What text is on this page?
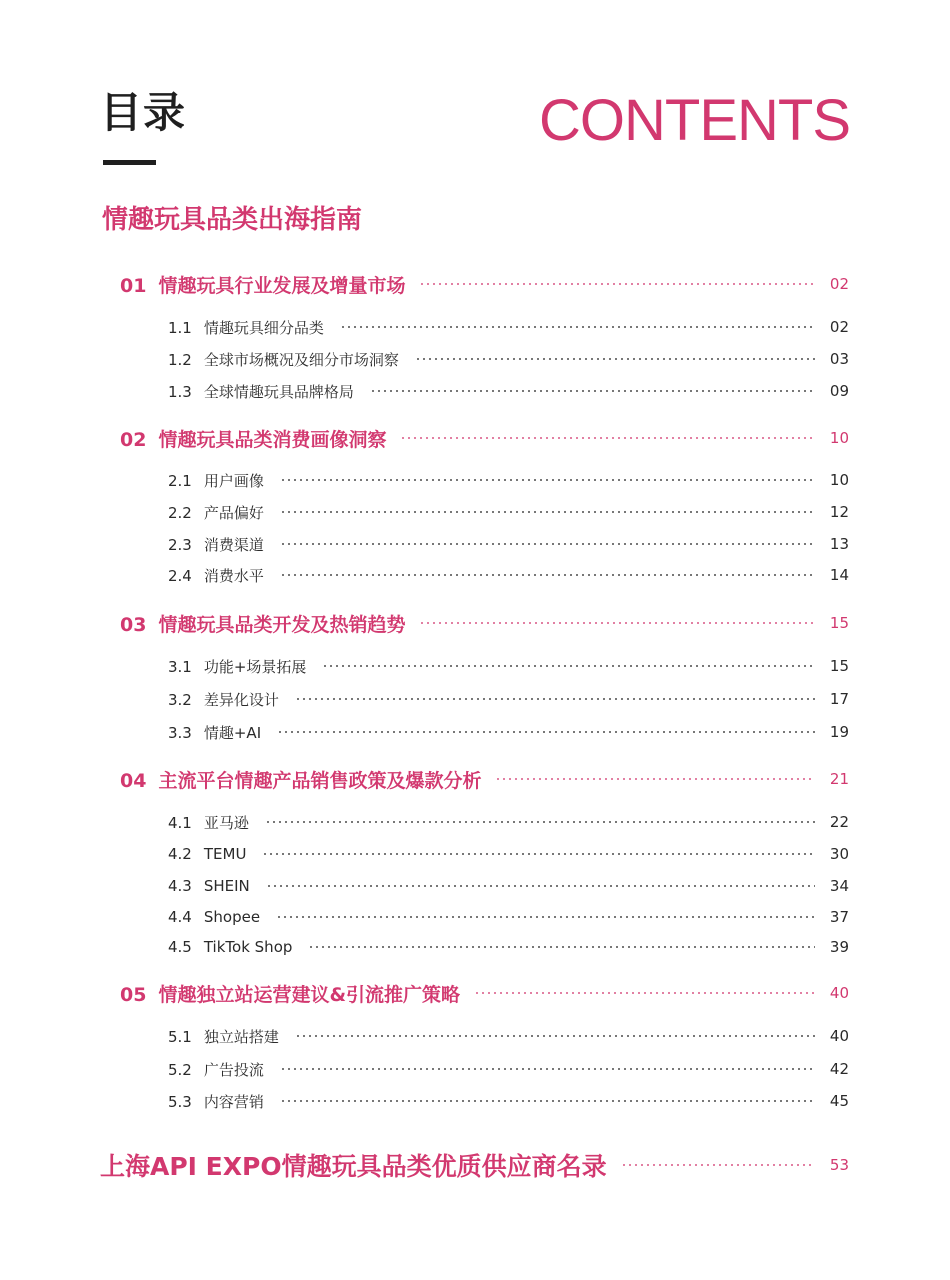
目录	CONTENTS
情趣玩具品类出海指南
01 情趣玩具行业发展及增量市场	02
1.1 情趣玩具细分品类	02
1.2 全球市场概况及细分市场洞察	03
1.3 全球情趣玩具品牌格局	09
02 情趣玩具品类消费画像洞察	10
2.1 用户画像	10
2.2 产品偏好	12
2.3 消费渠道	13
2.4 消费水平	14
03 情趣玩具品类开发及热销趋势	15
3.1 功能+场景拓展	15
3.2 差异化设计	17
3.3 情趣+AI	19
04 主流平台情趣产品销售政策及爆款分析	21
4.1 亚马逊	22
4.2 TEMU	30
4.3 SHEIN	34
4.4 Shopee	37
4.5 TikTok Shop	39
05 情趣独立站运营建议&引流推广策略	40
5.1 独立站搭建	40
5.2 广告投流	42
5.3 内容营销	45
上海API EXPO情趣玩具品类优质供应商名录	53
